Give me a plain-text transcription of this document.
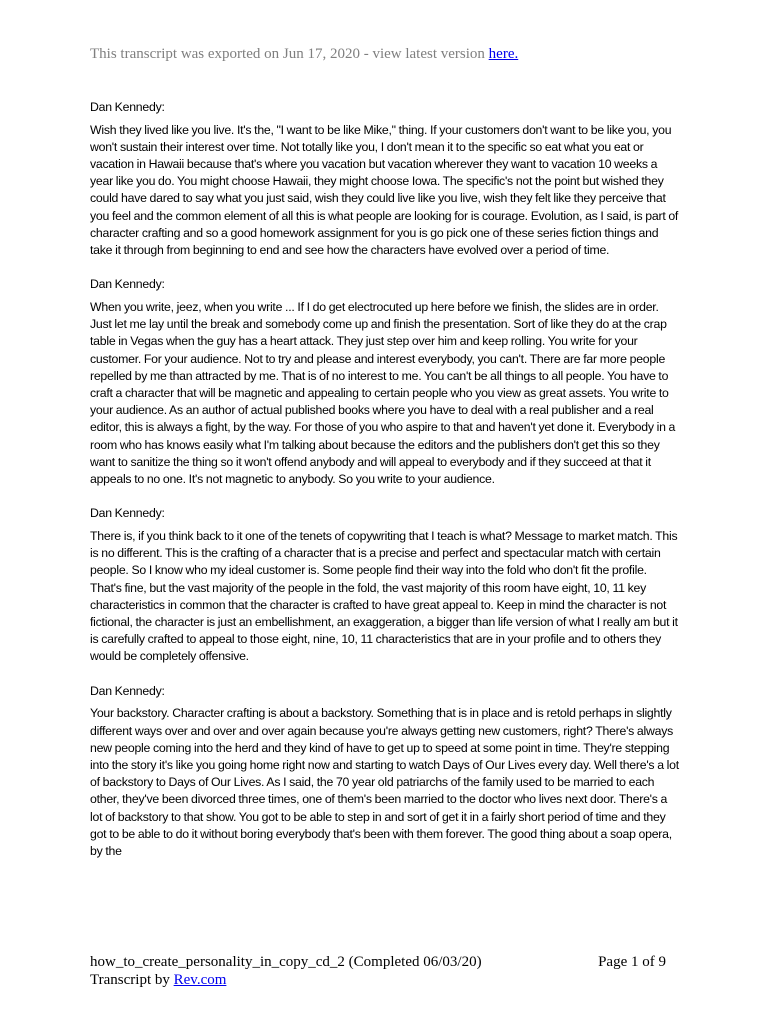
This transcript was exported on Jun 17, 2020 - view latest version here.
Dan Kennedy:
Wish they lived like you live. It's the, "I want to be like Mike," thing. If your customers don't want to be like you, you won't sustain their interest over time. Not totally like you, I don't mean it to the specific so eat what you eat or vacation in Hawaii because that's where you vacation but vacation wherever they want to vacation 10 weeks a year like you do. You might choose Hawaii, they might choose Iowa. The specific's not the point but wished they could have dared to say what you just said, wish they could live like you live, wish they felt like they perceive that you feel and the common element of all this is what people are looking for is courage. Evolution, as I said, is part of character crafting and so a good homework assignment for you is go pick one of these series fiction things and take it through from beginning to end and see how the characters have evolved over a period of time.
Dan Kennedy:
When you write, jeez, when you write ... If I do get electrocuted up here before we finish, the slides are in order. Just let me lay until the break and somebody come up and finish the presentation. Sort of like they do at the crap table in Vegas when the guy has a heart attack. They just step over him and keep rolling. You write for your customer. For your audience. Not to try and please and interest everybody, you can't. There are far more people repelled by me than attracted by me. That is of no interest to me. You can't be all things to all people. You have to craft a character that will be magnetic and appealing to certain people who you view as great assets. You write to your audience. As an author of actual published books where you have to deal with a real publisher and a real editor, this is always a fight, by the way. For those of you who aspire to that and haven't yet done it. Everybody in a room who has knows easily what I'm talking about because the editors and the publishers don't get this so they want to sanitize the thing so it won't offend anybody and will appeal to everybody and if they succeed at that it appeals to no one. It's not magnetic to anybody. So you write to your audience.
Dan Kennedy:
There is, if you think back to it one of the tenets of copywriting that I teach is what? Message to market match. This is no different. This is the crafting of a character that is a precise and perfect and spectacular match with certain people. So I know who my ideal customer is. Some people find their way into the fold who don't fit the profile. That's fine, but the vast majority of the people in the fold, the vast majority of this room have eight, 10, 11 key characteristics in common that the character is crafted to have great appeal to. Keep in mind the character is not fictional, the character is just an embellishment, an exaggeration, a bigger than life version of what I really am but it is carefully crafted to appeal to those eight, nine, 10, 11 characteristics that are in your profile and to others they would be completely offensive.
Dan Kennedy:
Your backstory. Character crafting is about a backstory. Something that is in place and is retold perhaps in slightly different ways over and over and over again because you're always getting new customers, right? There's always new people coming into the herd and they kind of have to get up to speed at some point in time. They're stepping into the story it's like you going home right now and starting to watch Days of Our Lives every day. Well there's a lot of backstory to Days of Our Lives. As I said, the 70 year old patriarchs of the family used to be married to each other, they've been divorced three times, one of them's been married to the doctor who lives next door. There's a lot of backstory to that show. You got to be able to step in and sort of get it in a fairly short period of time and they got to be able to do it without boring everybody that's been with them forever. The good thing about a soap opera, by the
how_to_create_personality_in_copy_cd_2 (Completed 06/03/20)	Page 1 of 9
Transcript by Rev.com
